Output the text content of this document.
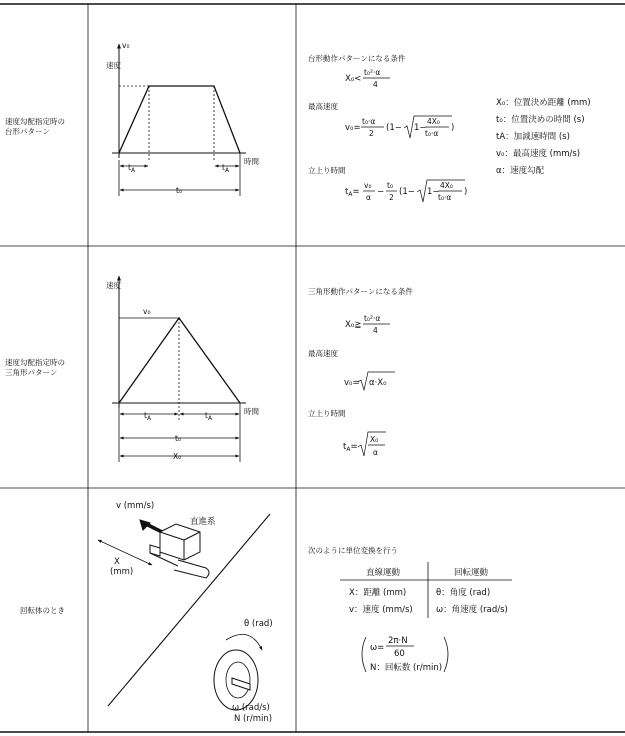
速度勾配指定時の
台形パターン
v₀
速度
時間
$t_A$	$t_A$
t₀
台形動作パターンになる条件
X₀<
t₀²·α
4
最高速度
v₀=
t₀·α
2
(1− 1−
4X₀
t₀·α
)
立上り時間
$t_A=$
v₀
α
−
t₀
2
(1− 1−
4X₀
t₀·α
)
X₀：位置決め距離 (mm)
t₀：位置決めの時間 (s)
tA：加減速時間 (s)
v₀：最高速度 (mm/s)
α：速度勾配
速度勾配指定時の
三角形パターン
速度
v₀
時間
$t_A$	$t_A$
t₀
X₀
三角形動作パターンになる条件
X₀≧
t₀²·α
4
最高速度
v₀= α·X₀
立上り時間
$t_A=$
X₀
α
回転体のとき
v (mm/s)
直進系
X
(mm)
θ (rad)
ω (rad/s)
N (r/min)
次のように単位変換を行う
直線運動	回転運動
X：距離 (mm)	θ：角度 (rad)
v：速度 (mm/s)	ω：角速度 (rad/s)
ω=
2π·N
60
N：回転数 (r/min)
